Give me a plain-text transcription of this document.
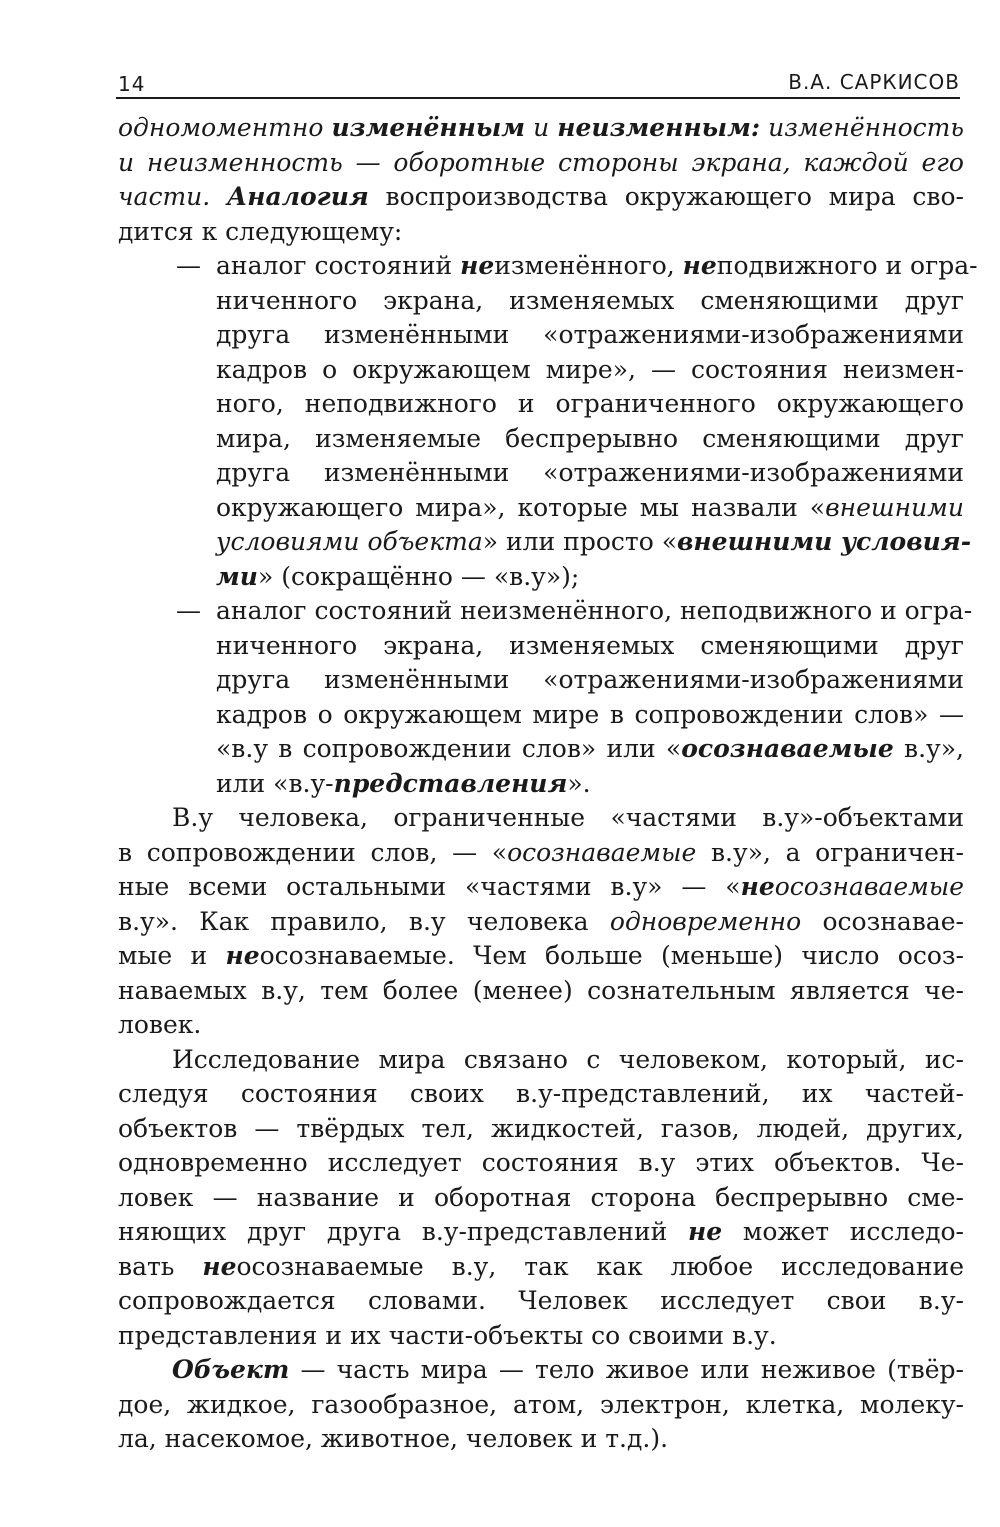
14	В.А. САРКИСОВ
одномоментно изменённым и неизменным: изменённость
и неизменность — оборотные стороны экрана, каждой его
части. Аналогия воспроизводства окружающего мира сво-
дится к следующему:
— аналог состояний неизменённого, неподвижного и огра-
ниченного экрана, изменяемых сменяющими друг
друга изменёнными «отражениями-изображениями
кадров о окружающем мире», — состояния неизмен-
ного, неподвижного и ограниченного окружающего
мира, изменяемые беспрерывно сменяющими друг
друга изменёнными «отражениями-изображениями
окружающего мира», которые мы назвали «внешними
условиями объекта» или просто «внешними условия-
ми» (сокращённо — «в.у»);
— аналог состояний неизменённого, неподвижного и огра-
ниченного экрана, изменяемых сменяющими друг
друга изменёнными «отражениями-изображениями
кадров о окружающем мире в сопровождении слов» —
«в.у в сопровождении слов» или «осознаваемые в.у»,
или «в.у-представления».
В.у человека, ограниченные «частями в.у»-объектами
в сопровождении слов, — «осознаваемые в.у», а ограничен-
ные всеми остальными «частями в.у» — «неосознаваемые
в.у». Как правило, в.у человека одновременно осознавае-
мые и неосознаваемые. Чем больше (меньше) число осоз-
наваемых в.у, тем более (менее) сознательным является че-
ловек.
Исследование мира связано с человеком, который, ис-
следуя состояния своих в.у-представлений, их частей-
объектов — твёрдых тел, жидкостей, газов, людей, других,
одновременно исследует состояния в.у этих объектов. Че-
ловек — название и оборотная сторона беспрерывно сме-
няющих друг друга в.у-представлений не может исследо-
вать неосознаваемые в.у, так как любое исследование
сопровождается словами. Человек исследует свои в.у-
представления и их части-объекты со своими в.у.
Объект — часть мира — тело живое или неживое (твёр-
дое, жидкое, газообразное, атом, электрон, клетка, молеку-
ла, насекомое, животное, человек и т.д.).
